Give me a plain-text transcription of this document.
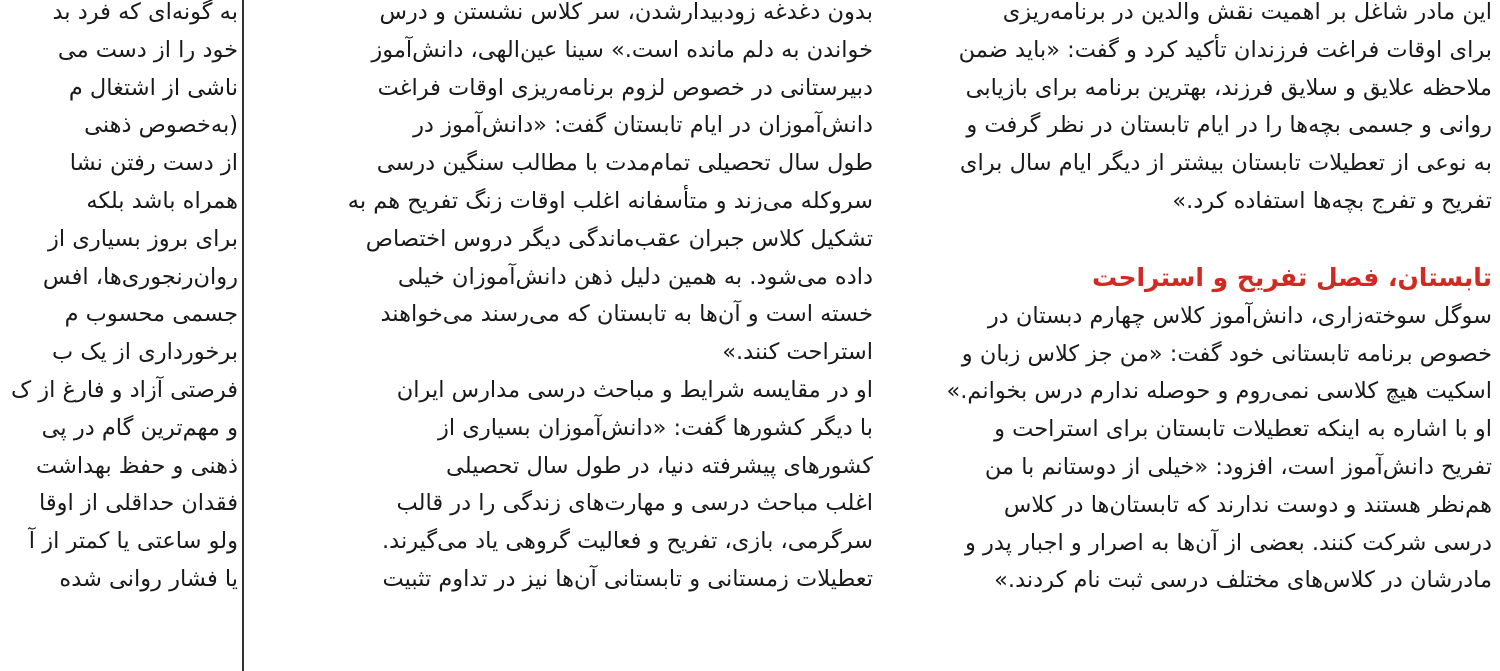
این مادر شاغل بر اهمیت نقش والدین در برنامه‌ریزی
برای اوقات فراغت فرزندان تأکید کرد و گفت: «باید ضمن
ملاحظه علایق و سلایق فرزند، بهترین برنامه برای بازیابی
روانی و جسمی بچه‌ها را در ایام تابستان در نظر گرفت و
به نوعی از تعطیلات تابستان بیشتر از دیگر ایام سال برای
تفریح و تفرج بچه‌ها استفاده کرد.»
تابستان، فصل تفریح و استراحت
سوگل سوخته‌زاری، دانش‌آموز کلاس چهارم دبستان در
خصوص برنامه تابستانی خود گفت: «من جز کلاس زبان و
اسکیت هیچ کلاسی نمی‌روم و حوصله ندارم درس بخوانم.»
او با اشاره به اینکه تعطیلات تابستان برای استراحت و
تفریح دانش‌آموز است، افزود: «خیلی از دوستانم با من
هم‌نظر هستند و دوست ندارند که تابستان‌ها در کلاس
درسی شرکت کنند. بعضی از آن‌ها به اصرار و اجبار پدر و
مادرشان در کلاس‌های مختلف درسی ثبت نام کردند.»
بدون دغدغه زودبیدارشدن، سر کلاس نشستن و درس
خواندن به دلم مانده است.» سینا عین‌الهی، دانش‌آموز
دبیرستانی در خصوص لزوم برنامه‌ریزی اوقات فراغت
دانش‌آموزان در ایام تابستان گفت: «دانش‌آموز در
طول سال تحصیلی تمام‌مدت با مطالب سنگین درسی
سروکله می‌زند و متأسفانه اغلب اوقات زنگ تفریح هم به
تشکیل کلاس جبران عقب‌ماندگی دیگر دروس اختصاص
داده می‌شود. به همین دلیل ذهن دانش‌آموزان خیلی
خسته است و آن‌ها به تابستان که می‌رسند می‌خواهند
استراحت کنند.»
او در مقایسه شرایط و مباحث درسی مدارس ایران
با دیگر کشورها گفت: «دانش‌آموزان بسیاری از
کشورهای پیشرفته دنیا، در طول سال تحصیلی
اغلب مباحث درسی و مهارت‌های زندگی را در قالب
سرگرمی، بازی، تفریح و فعالیت گروهی یاد می‌گیرند.
تعطیلات زمستانی و تابستانی آن‌ها نیز در تداوم تثبیت
به گونه‌ای که فرد بد
خود را از دست می‌
ناشی از اشتغال م
(به‌خصوص ذهنی
از دست رفتن نشا
همراه باشد بلکه
برای بروز بسیاری از
روان‌رنجوری‌ها، افس
جسمی محسوب م
برخورداری از یک ب
فرصتی آزاد و فارغ از ک
و مهم‌ترین گام در پی
ذهنی و حفظ بهداشت
فقدان حداقلی از اوقا
ولو ساعتی یا کمتر از آ
یا فشار روانی شده
